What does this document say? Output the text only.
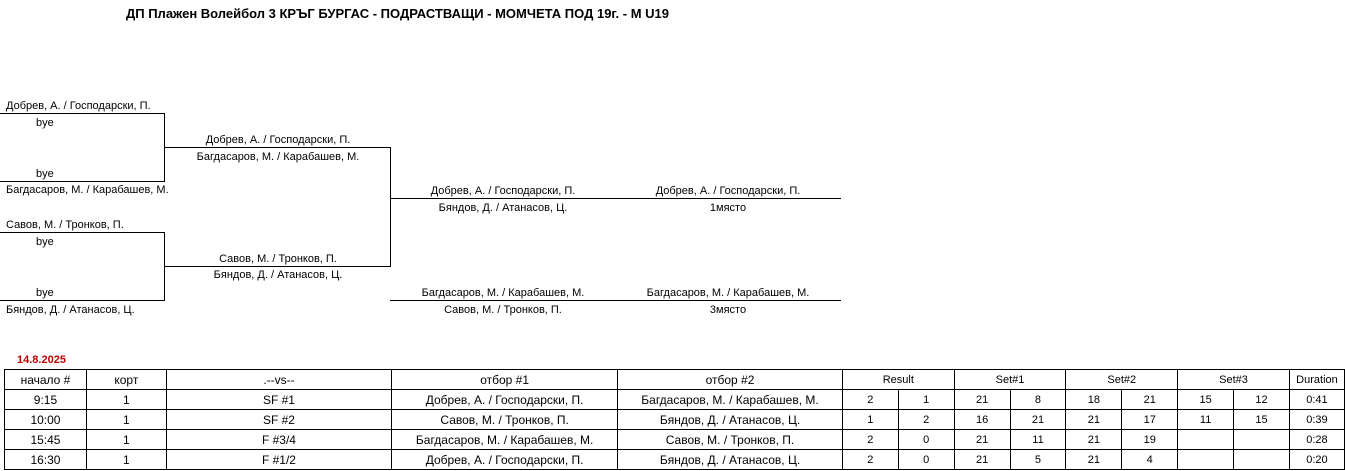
ДП Плажен Волейбол 3 КРЪГ БУРГАС - ПОДРАСТВАЩИ - МОМЧЕТА ПОД 19г. - М U19
Добрев, А. / Господарски, П.
bye
bye
Багдасаров, М. / Карабашев, М.
Савов, М. / Тронков, П.
bye
bye
Бяндов, Д. / Атанасов, Ц.
Добрев, А. / Господарски, П.
Багдасаров, М. / Карабашев, М.
Савов, М. / Тронков, П.
Бяндов, Д. / Атанасов, Ц.
Добрев, А. / Господарски, П.
Бяндов, Д. / Атанасов, Ц.
Добрев, А. / Господарски, П.
1място
Багдасаров, М. / Карабашев, М.
Савов, М. / Тронков, П.
Багдасаров, М. / Карабашев, М.
3място
14.8.2025
начало #	корт	.--vs--	отбор #1	отбор #2	Result		Set#1		Set#2		Set#3		Duration
9:15	1	SF #1	Добрев, А. / Господарски, П.	Багдасаров, М. / Карабашев, М.	2	1	21	8	18	21	15	12	0:41
10:00	1	SF #2	Савов, М. / Тронков, П.	Бяндов, Д. / Атанасов, Ц.	1	2	16	21	21	17	11	15	0:39
15:45	1	F #3/4	Багдасаров, М. / Карабашев, М.	Савов, М. / Тронков, П.	2	0	21	11	21	19			0:28
16:30	1	F #1/2	Добрев, А. / Господарски, П.	Бяндов, Д. / Атанасов, Ц.	2	0	21	5	21	4			0:20
